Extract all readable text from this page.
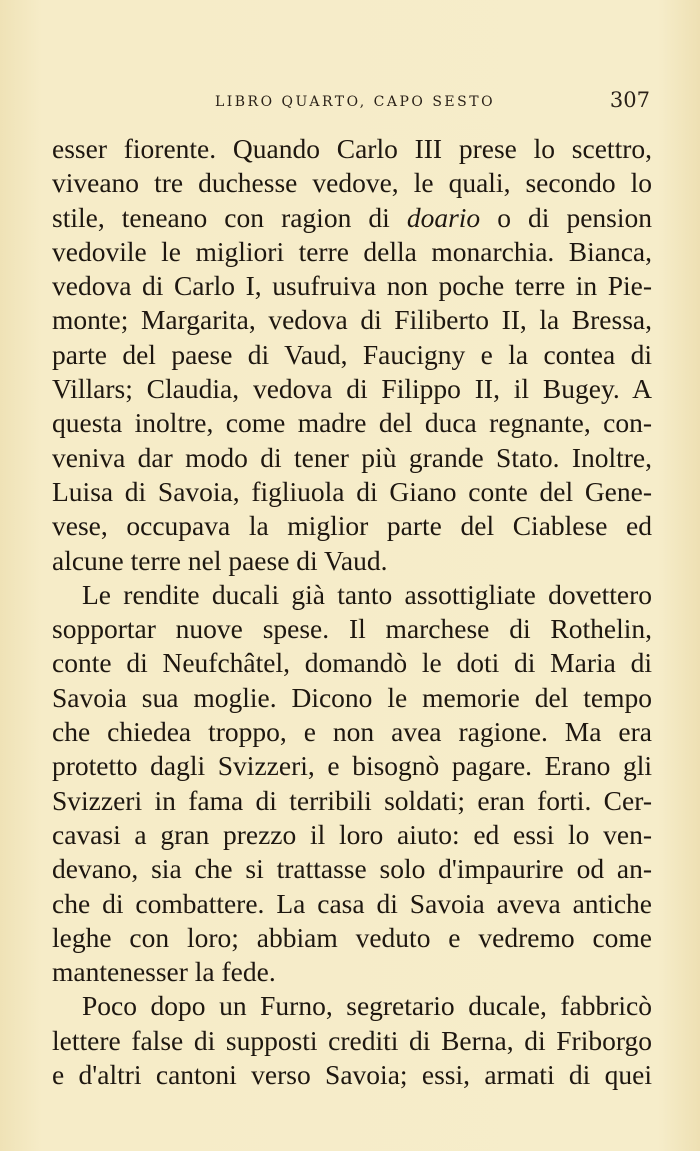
LIBRO QUARTO, CAPO SESTO	307
esser fiorente. Quando Carlo III prese lo scettro,
viveano tre duchesse vedove, le quali, secondo lo
stile, teneano con ragion di doario o di pension
vedovile le migliori terre della monarchia. Bianca,
vedova di Carlo I, usufruiva non poche terre in Pie-
monte; Margarita, vedova di Filiberto II, la Bressa,
parte del paese di Vaud, Faucigny e la contea di
Villars; Claudia, vedova di Filippo II, il Bugey. A
questa inoltre, come madre del duca regnante, con-
veniva dar modo di tener più grande Stato. Inoltre,
Luisa di Savoia, figliuola di Giano conte del Gene-
vese, occupava la miglior parte del Ciablese ed
alcune terre nel paese di Vaud.
Le rendite ducali già tanto assottigliate dovettero
sopportar nuove spese. Il marchese di Rothelin,
conte di Neufchâtel, domandò le doti di Maria di
Savoia sua moglie. Dicono le memorie del tempo
che chiedea troppo, e non avea ragione. Ma era
protetto dagli Svizzeri, e bisognò pagare. Erano gli
Svizzeri in fama di terribili soldati; eran forti. Cer-
cavasi a gran prezzo il loro aiuto: ed essi lo ven-
devano, sia che si trattasse solo d'impaurire od an-
che di combattere. La casa di Savoia aveva antiche
leghe con loro; abbiam veduto e vedremo come
mantenesser la fede.
Poco dopo un Furno, segretario ducale, fabbricò
lettere false di supposti crediti di Berna, di Friborgo
e d'altri cantoni verso Savoia; essi, armati di quei
